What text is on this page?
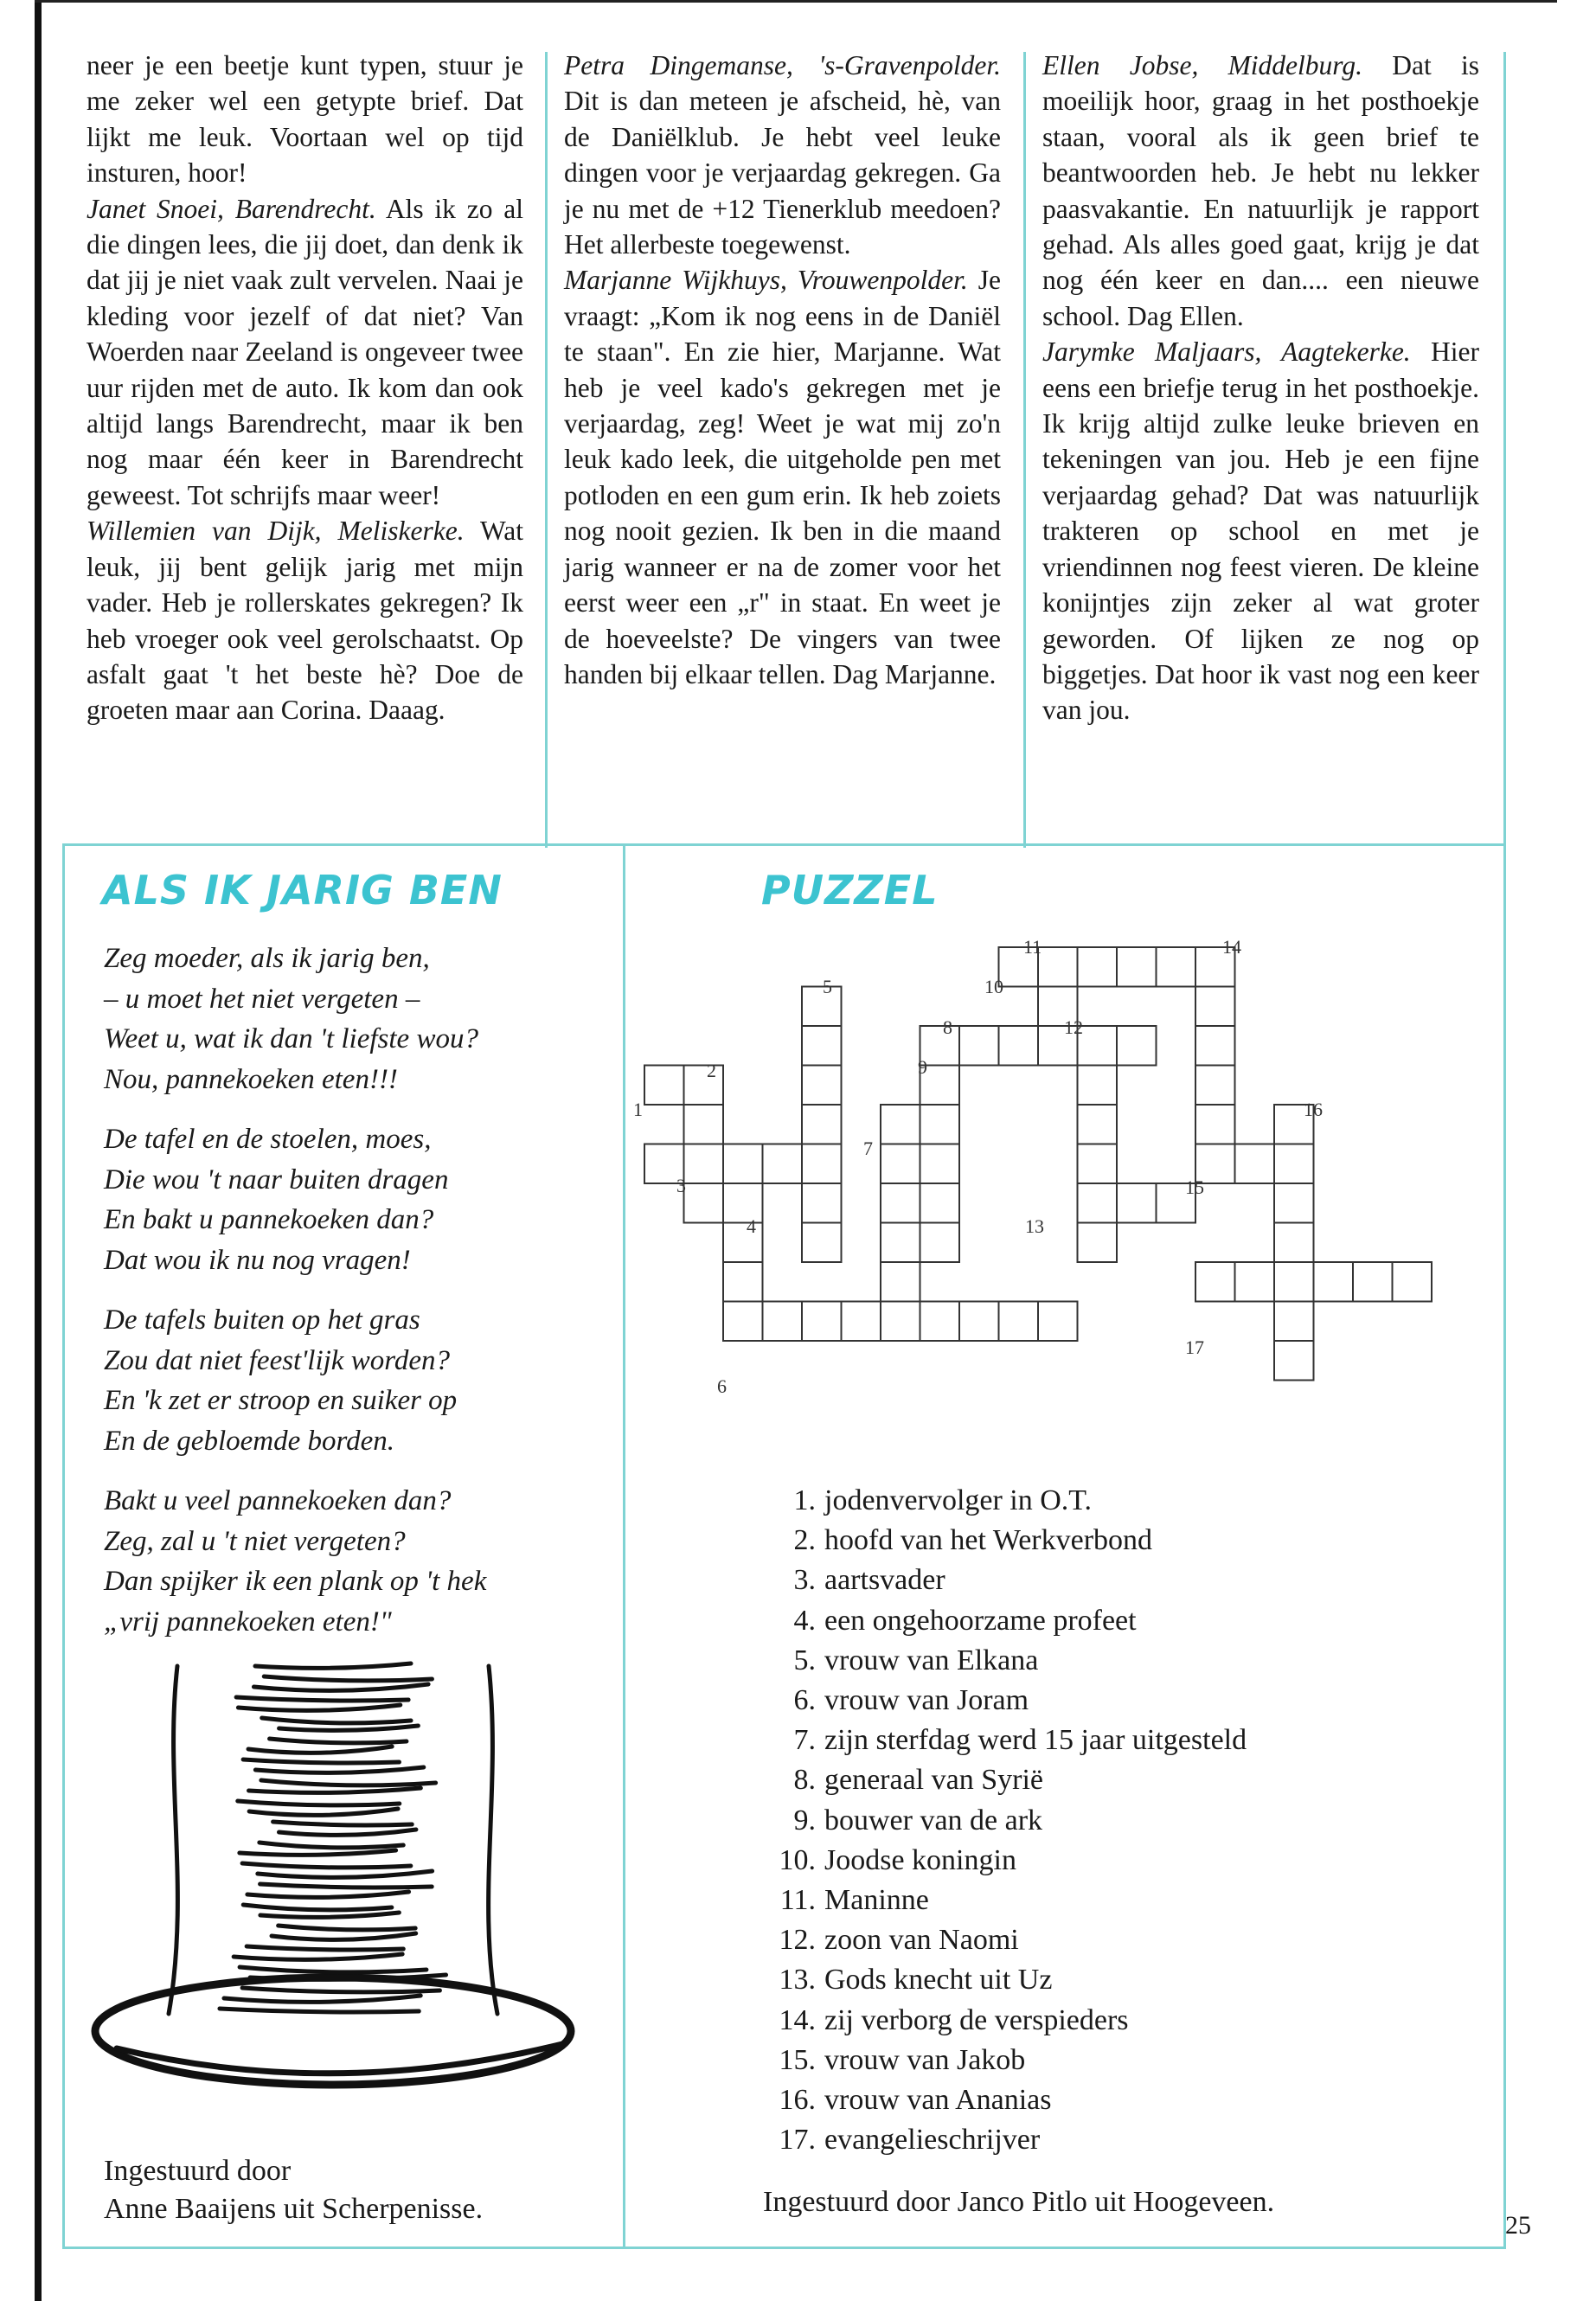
neer je een beetje kunt typen, stuur je me zeker wel een getypte brief. Dat lijkt me leuk. Voortaan wel op tijd insturen, hoor!

Janet Snoei, Barendrecht. Als ik zo al die dingen lees, die jij doet, dan denk ik dat jij je niet vaak zult vervelen. Naai je kleding voor jezelf of dat niet? Van Woerden naar Zeeland is ongeveer twee uur rijden met de auto. Ik kom dan ook altijd langs Barendrecht, maar ik ben nog maar één keer in Barendrecht geweest. Tot schrijfs maar weer!

Willemien van Dijk, Meliskerke. Wat leuk, jij bent gelijk jarig met mijn vader. Heb je rollerskates gekregen? Ik heb vroeger ook veel gerolschaatst. Op asfalt gaat 't het beste hè? Doe de groeten maar aan Corina. Daaag.

Petra Dingemanse, 's-Gravenpolder. Dit is dan meteen je afscheid, hè, van de Daniëlklub. Je hebt veel leuke dingen voor je verjaardag gekregen. Ga je nu met de +12 Tienerklub meedoen? Het allerbeste toegewenst.

Marjanne Wijkhuys, Vrouwenpolder. Je vraagt: „Kom ik nog eens in de Daniël te staan". En zie hier, Marjanne. Wat heb je veel kado's gekregen met je verjaardag, zeg! Weet je wat mij zo'n leuk kado leek, die uitgeholde pen met potloden en een gum erin. Ik heb zoiets nog nooit gezien. Ik ben in die maand jarig wanneer er na de zomer voor het eerst weer een „r" in staat. En weet je de hoeveelste? De vingers van twee handen bij elkaar tellen. Dag Marjanne.

Ellen Jobse, Middelburg. Dat is moeilijk hoor, graag in het posthoekje staan, vooral als ik geen brief te beantwoorden heb. Je hebt nu lekker paasvakantie. En natuurlijk je rapport gehad. Als alles goed gaat, krijg je dat nog één keer en dan.... een nieuwe school. Dag Ellen.

Jarymke Maljaars, Aagtekerke. Hier eens een briefje terug in het posthoekje. Ik krijg altijd zulke leuke brieven en tekeningen van jou. Heb je een fijne verjaardag gehad? Dat was natuurlijk trakteren op school en met je vriendinnen nog feest vieren. De kleine konijntjes zijn zeker al wat groter geworden. Of lijken ze nog op biggetjes. Dat hoor ik vast nog een keer van jou.

ALS IK JARIG BEN
Zeg moeder, als ik jarig ben,
– u moet het niet vergeten –
Weet u, wat ik dan 't liefste wou?
Nou, pannekoeken eten!!!
De tafel en de stoelen, moes,
Die wou 't naar buiten dragen
En bakt u pannekoeken dan?
Dat wou ik nu nog vragen!
De tafels buiten op het gras
Zou dat niet feest'lijk worden?
En 'k zet er stroop en suiker op
En de gebloemde borden.
Bakt u veel pannekoeken dan?
Zeg, zal u 't niet vergeten?
Dan spijker ik een plank op 't hek
„vrij pannekoeken eten!"
Ingestuurd door
Anne Baaijens uit Scherpenisse.
PUZZEL
1
2
3
4
5
6
7
8
9
10
11
12
13
14
15
16
17
1. jodenvervolger in O.T.
2. hoofd van het Werkverbond
3. aartsvader
4. een ongehoorzame profeet
5. vrouw van Elkana
6. vrouw van Joram
7. zijn sterfdag werd 15 jaar uitgesteld
8. generaal van Syrië
9. bouwer van de ark
10. Joodse koningin
11. Maninne
12. zoon van Naomi
13. Gods knecht uit Uz
14. zij verborg de verspieders
15. vrouw van Jakob
16. vrouw van Ananias
17. evangelieschrijver
Ingestuurd door Janco Pitlo uit Hoogeveen.
25
